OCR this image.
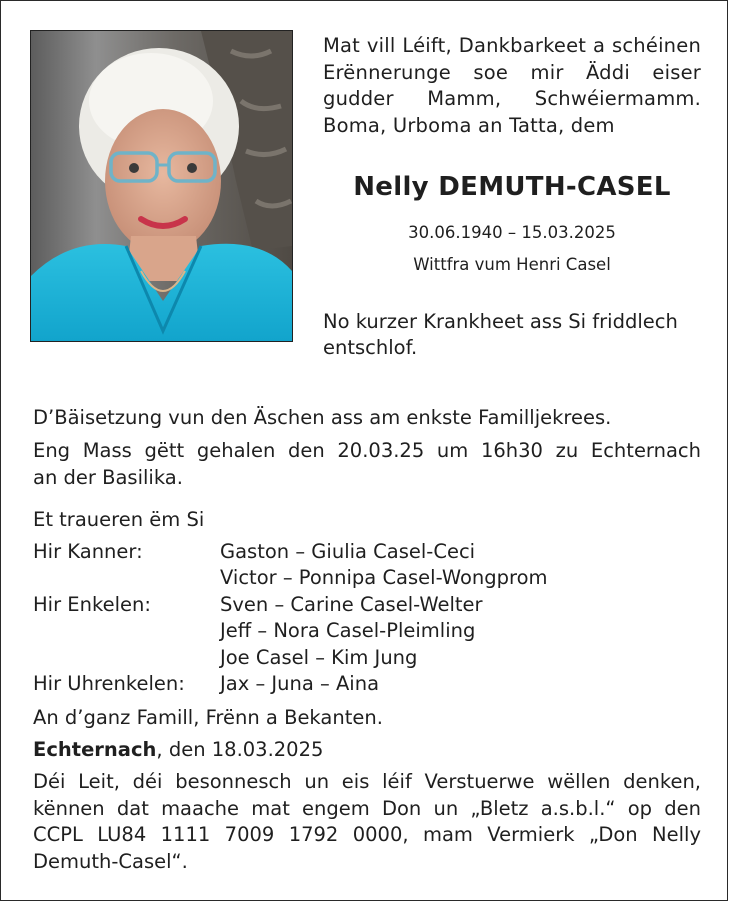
Mat vill Léift, Dankbarkeet a schéinen
Erënnerunge soe mir Äddi eiser
gudder Mamm, Schwéiermamm.
Boma, Urboma an Tatta, dem
Nelly DEMUTH-CASEL
30.06.1940 – 15.03.2025
Wittfra vum Henri Casel
No kurzer Krankheet ass Si friddlech
entschlof.
D’Bäisetzung vun den Äschen ass am enkste Familljekrees.
Eng Mass gëtt gehalen den 20.03.25 um 16h30 zu Echternach
an der Basilika.
Et traueren ëm Si
Hir Kanner:	Gaston – Giulia Casel-Ceci
Victor – Ponnipa Casel-Wongprom
Hir Enkelen:	Sven – Carine Casel-Welter
Jeff – Nora Casel-Pleimling
Joe Casel – Kim Jung
Hir Uhrenkelen:	Jax – Juna – Aina
An d’ganz Famill, Frënn a Bekanten.
Echternach, den 18.03.2025
Déi Leit, déi besonnesch un eis léif Verstuerwe wëllen denken,
kënnen dat maache mat engem Don un „Bletz a.s.b.l.“ op den
CCPL LU84 1111 7009 1792 0000, mam Vermierk „Don Nelly
Demuth-Casel“.
